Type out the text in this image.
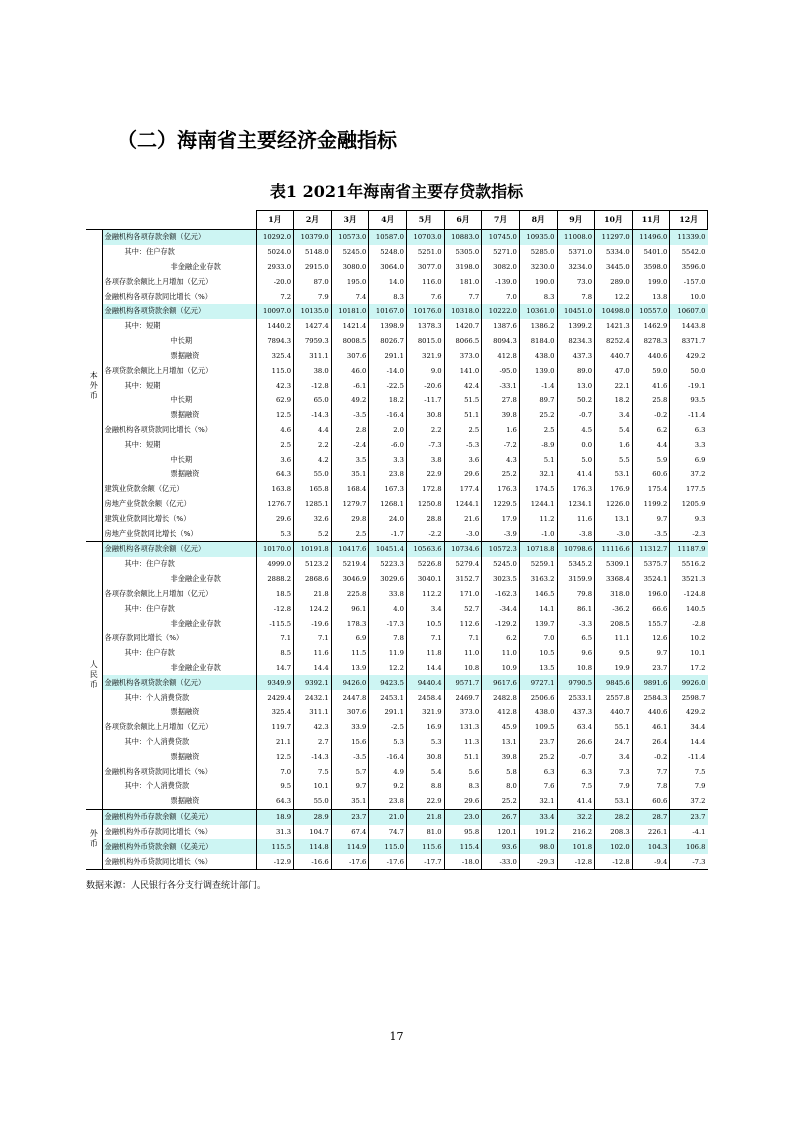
（二）海南省主要经济金融指标
表1 2021年海南省主要存贷款指标
		1月	2月	3月	4月	5月	6月	7月	8月	9月	10月	11月	12月
本外币	金融机构各项存款余额（亿元）	10292.0	10379.0	10573.0	10587.0	10703.0	10883.0	10745.0	10935.0	11008.0	11297.0	11496.0	11339.0
	其中：住户存款	5024.0	5148.0	5245.0	5248.0	5251.0	5305.0	5271.0	5285.0	5371.0	5334.0	5401.0	5542.0
	非金融企业存款	2933.0	2915.0	3080.0	3064.0	3077.0	3198.0	3082.0	3230.0	3234.0	3445.0	3598.0	3596.0
	各项存款余额比上月增加（亿元）	-20.0	87.0	195.0	14.0	116.0	181.0	-139.0	190.0	73.0	289.0	199.0	-157.0
	金融机构各项存款同比增长（%）	7.2	7.9	7.4	8.3	7.6	7.7	7.0	8.3	7.8	12.2	13.8	10.0
	金融机构各项贷款余额（亿元）	10097.0	10135.0	10181.0	10167.0	10176.0	10318.0	10222.0	10361.0	10451.0	10498.0	10557.0	10607.0
	其中：短期	1440.2	1427.4	1421.4	1398.9	1378.3	1420.7	1387.6	1386.2	1399.2	1421.3	1462.9	1443.8
	中长期	7894.3	7959.3	8008.5	8026.7	8015.0	8066.5	8094.3	8184.0	8234.3	8252.4	8278.3	8371.7
	票据融资	325.4	311.1	307.6	291.1	321.9	373.0	412.8	438.0	437.3	440.7	440.6	429.2
	各项贷款余额比上月增加（亿元）	115.0	38.0	46.0	-14.0	9.0	141.0	-95.0	139.0	89.0	47.0	59.0	50.0
	其中：短期	42.3	-12.8	-6.1	-22.5	-20.6	42.4	-33.1	-1.4	13.0	22.1	41.6	-19.1
	中长期	62.9	65.0	49.2	18.2	-11.7	51.5	27.8	89.7	50.2	18.2	25.8	93.5
	票据融资	12.5	-14.3	-3.5	-16.4	30.8	51.1	39.8	25.2	-0.7	3.4	-0.2	-11.4
	金融机构各项贷款同比增长（%）	4.6	4.4	2.8	2.0	2.2	2.5	1.6	2.5	4.5	5.4	6.2	6.3
	其中：短期	2.5	2.2	-2.4	-6.0	-7.3	-5.3	-7.2	-8.9	0.0	1.6	4.4	3.3
	中长期	3.6	4.2	3.5	3.3	3.8	3.6	4.3	5.1	5.0	5.5	5.9	6.9
	票据融资	64.3	55.0	35.1	23.8	22.9	29.6	25.2	32.1	41.4	53.1	60.6	37.2
	建筑业贷款余额（亿元）	163.8	165.8	168.4	167.3	172.8	177.4	176.3	174.5	176.3	176.9	175.4	177.5
	房地产业贷款余额（亿元）	1276.7	1285.1	1279.7	1268.1	1250.8	1244.1	1229.5	1244.1	1234.1	1226.0	1199.2	1205.9
	建筑业贷款同比增长（%）	29.6	32.6	29.8	24.0	28.8	21.6	17.9	11.2	11.6	13.1	9.7	9.3
	房地产业贷款同比增长（%）	5.3	5.2	2.5	-1.7	-2.2	-3.0	-3.9	-1.0	-3.8	-3.0	-3.5	-2.3
人民币	金融机构各项存款余额（亿元）	10170.0	10191.8	10417.6	10451.4	10563.6	10734.6	10572.3	10718.8	10798.6	11116.6	11312.7	11187.9
	其中：住户存款	4999.0	5123.2	5219.4	5223.3	5226.8	5279.4	5245.0	5259.1	5345.2	5309.1	5375.7	5516.2
	非金融企业存款	2888.2	2868.6	3046.9	3029.6	3040.1	3152.7	3023.5	3163.2	3159.9	3368.4	3524.1	3521.3
	各项存款余额比上月增加（亿元）	18.5	21.8	225.8	33.8	112.2	171.0	-162.3	146.5	79.8	318.0	196.0	-124.8
	其中：住户存款	-12.8	124.2	96.1	4.0	3.4	52.7	-34.4	14.1	86.1	-36.2	66.6	140.5
	非金融企业存款	-115.5	-19.6	178.3	-17.3	10.5	112.6	-129.2	139.7	-3.3	208.5	155.7	-2.8
	各项存款同比增长（%）	7.1	7.1	6.9	7.8	7.1	7.1	6.2	7.0	6.5	11.1	12.6	10.2
	其中：住户存款	8.5	11.6	11.5	11.9	11.8	11.0	11.0	10.5	9.6	9.5	9.7	10.1
	非金融企业存款	14.7	14.4	13.9	12.2	14.4	10.8	10.9	13.5	10.8	19.9	23.7	17.2
	金融机构各项贷款余额（亿元）	9349.9	9392.1	9426.0	9423.5	9440.4	9571.7	9617.6	9727.1	9790.5	9845.6	9891.6	9926.0
	其中：个人消费贷款	2429.4	2432.1	2447.8	2453.1	2458.4	2469.7	2482.8	2506.6	2533.1	2557.8	2584.3	2598.7
	票据融资	325.4	311.1	307.6	291.1	321.9	373.0	412.8	438.0	437.3	440.7	440.6	429.2
	各项贷款余额比上月增加（亿元）	119.7	42.3	33.9	-2.5	16.9	131.3	45.9	109.5	63.4	55.1	46.1	34.4
	其中：个人消费贷款	21.1	2.7	15.6	5.3	5.3	11.3	13.1	23.7	26.6	24.7	26.4	14.4
	票据融资	12.5	-14.3	-3.5	-16.4	30.8	51.1	39.8	25.2	-0.7	3.4	-0.2	-11.4
	金融机构各项贷款同比增长（%）	7.0	7.5	5.7	4.9	5.4	5.6	5.8	6.3	6.3	7.3	7.7	7.5
	其中：个人消费贷款	9.5	10.1	9.7	9.2	8.8	8.3	8.0	7.6	7.5	7.9	7.8	7.9
	票据融资	64.3	55.0	35.1	23.8	22.9	29.6	25.2	32.1	41.4	53.1	60.6	37.2
外币	金融机构外币存款余额（亿美元）	18.9	28.9	23.7	21.0	21.8	23.0	26.7	33.4	32.2	28.2	28.7	23.7
	金融机构外币存款同比增长（%）	31.3	104.7	67.4	74.7	81.0	95.8	120.1	191.2	216.2	208.3	226.1	-4.1
	金融机构外币贷款余额（亿美元）	115.5	114.8	114.9	115.0	115.6	115.4	93.6	98.0	101.8	102.0	104.3	106.8
	金融机构外币贷款同比增长（%）	-12.9	-16.6	-17.6	-17.6	-17.7	-18.0	-33.0	-29.3	-12.8	-12.8	-9.4	-7.3
数据来源：人民银行各分支行调查统计部门。
17
